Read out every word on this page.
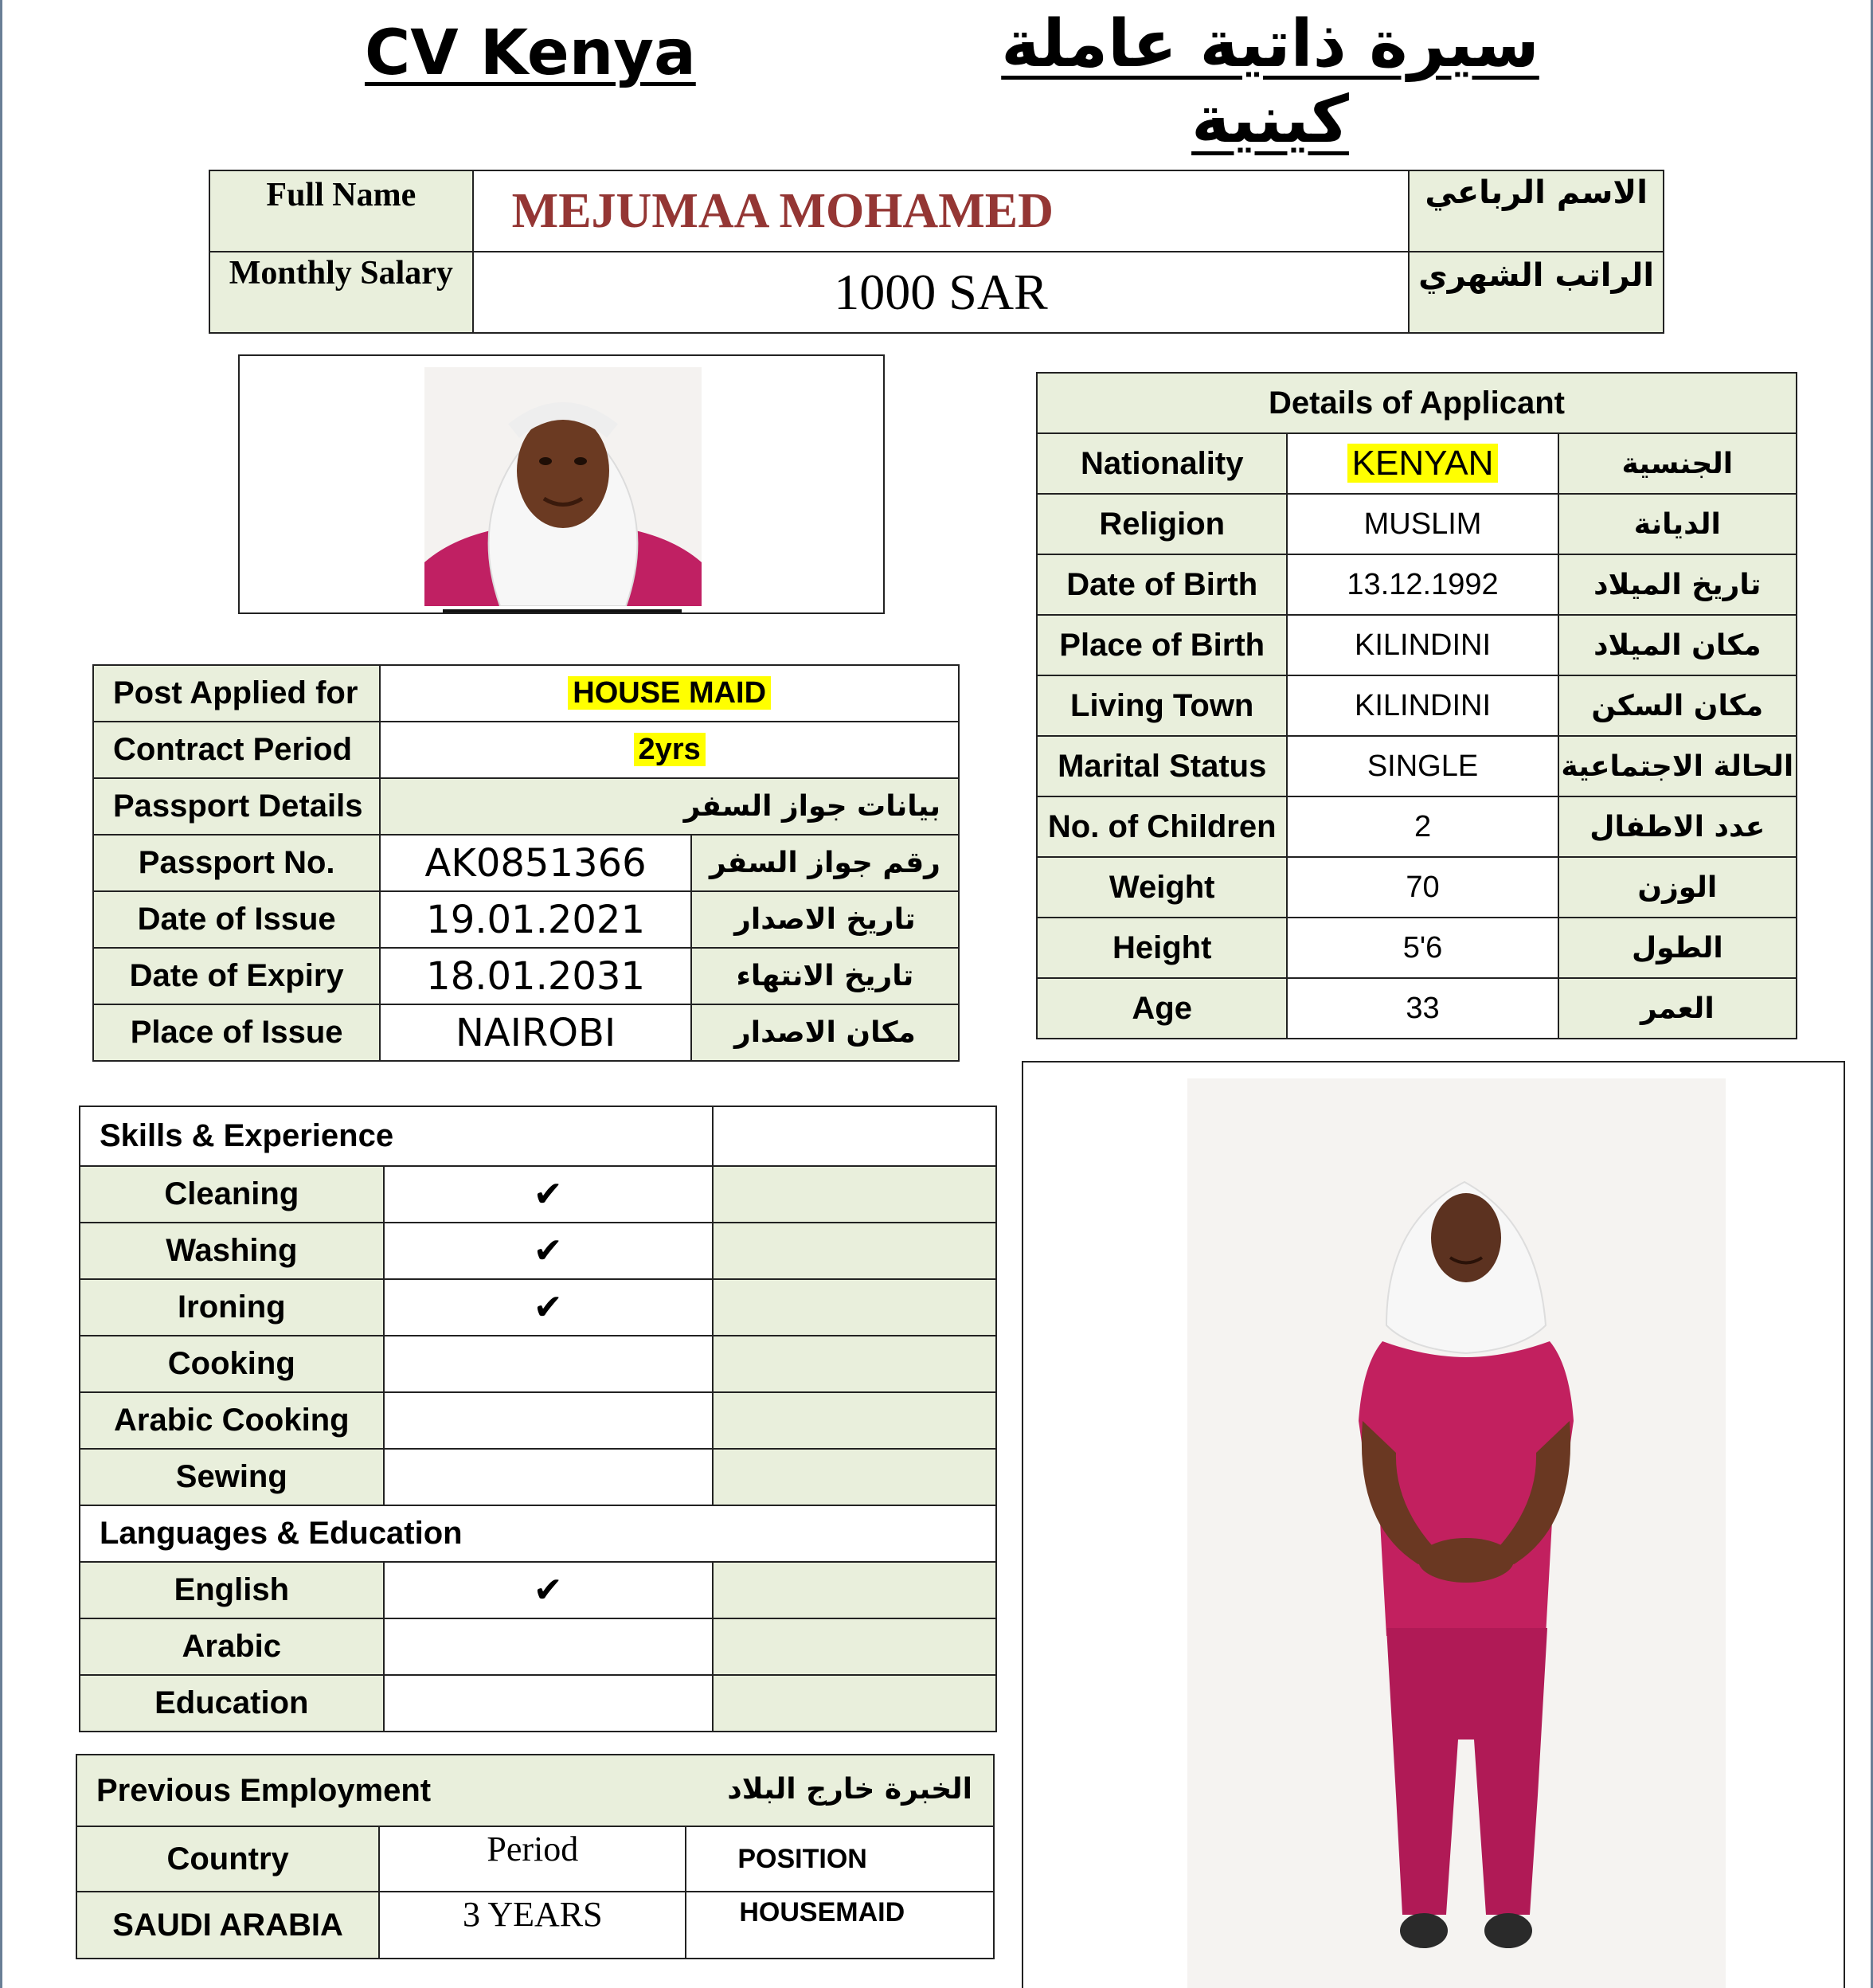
CV Kenya	سيرة ذاتية عاملة كينية
Full Name	MEJUMAA MOHAMED	الاسم الرباعي
Monthly Salary	1000 SAR	الراتب الشهري
Details of Applicant		
Nationality	KENYAN	الجنسية
Religion	MUSLIM	الديانة
Date of Birth	13.12.1992	تاريخ الميلاد
Place of Birth	KILINDINI	مكان الميلاد
Living Town	KILINDINI	مكان السكن
Marital Status	SINGLE	الحالة الاجتماعية
No. of Children	2	عدد الاطفال
Weight	70	الوزن
Height	5'6	الطول
Age	33	العمر
Post Applied for	HOUSE MAID	
Contract Period	2yrs	
Passport Details	بيانات جواز السفر	
Passport No.	AK0851366	رقم جواز السفر
Date of Issue	19.01.2021	تاريخ الاصدار
Date of Expiry	18.01.2031	تاريخ الانتهاء
Place of Issue	NAIROBI	مكان الاصدار
Skills & Experience		
Cleaning	✔	
Washing	✔	
Ironing	✔	
Cooking		
Arabic Cooking		
Sewing		
Languages & Education		
English	✔	
Arabic		
Education		
Previous Employment الخبرة خارج البلاد		

Country	Period	POSITION
SAUDI ARABIA	3 YEARS	HOUSEMAID
